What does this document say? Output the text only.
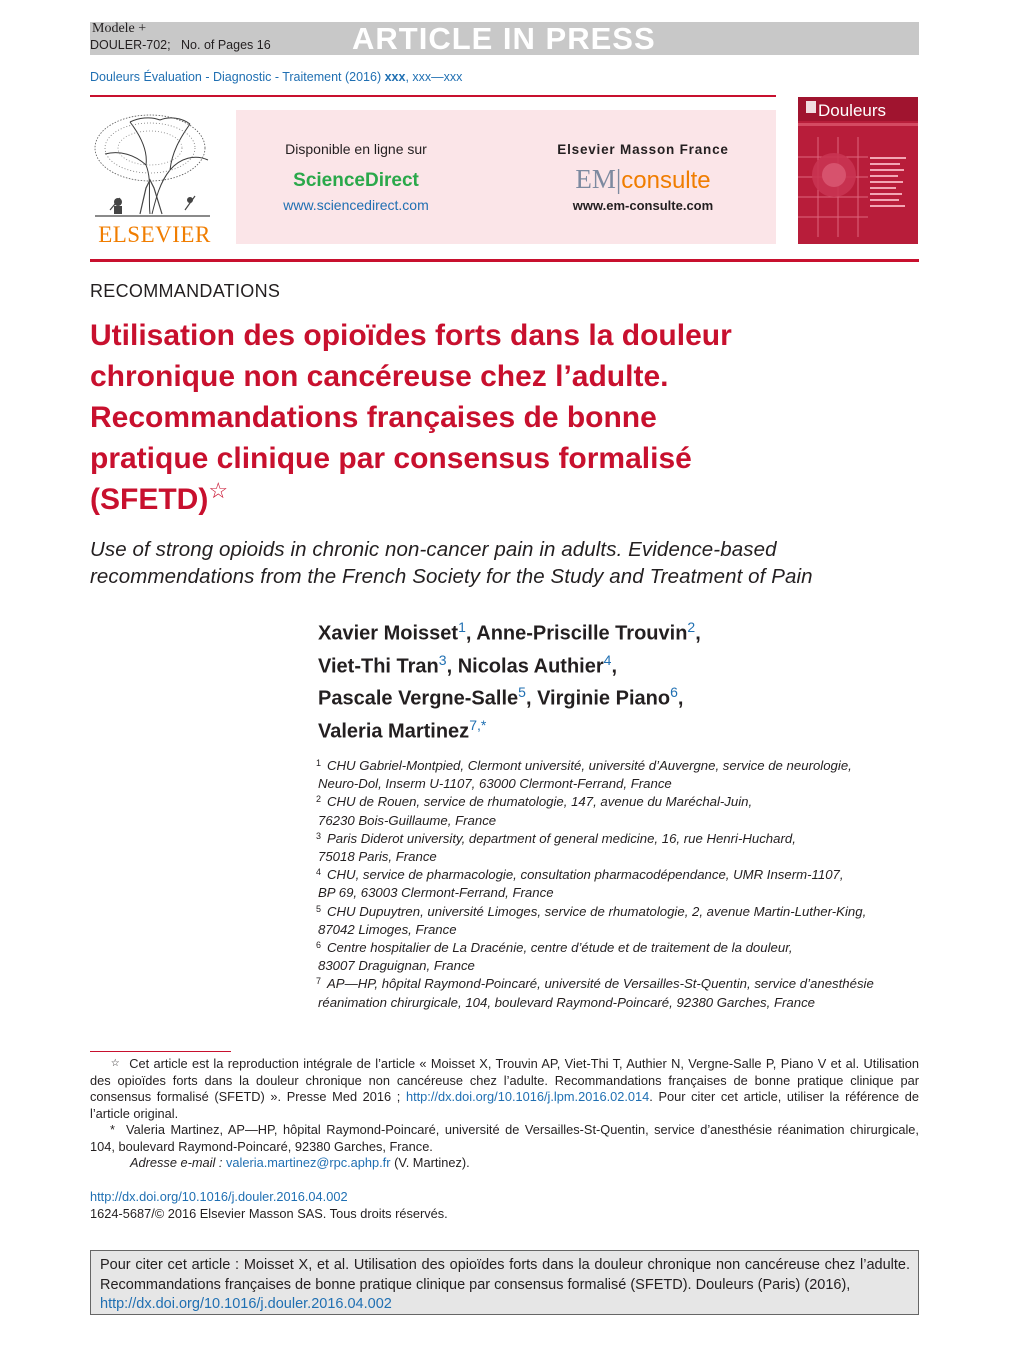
Modele +
DOULER-702; No. of Pages 16	ARTICLE IN PRESS
Douleurs Évaluation - Diagnostic - Traitement (2016) xxx, xxx—xxx
ELSEVIER
Disponible en ligne sur
ScienceDirect
www.sciencedirect.com
Elsevier Masson France
EM|consulte
www.em-consulte.com
Douleurs
RECOMMANDATIONS
Utilisation des opioïdes forts dans la douleur chronique non cancéreuse chez l’adulte. Recommandations françaises de bonne pratique clinique par consensus formalisé (SFETD)☆
Use of strong opioids in chronic non-cancer pain in adults. Evidence-based recommendations from the French Society for the Study and Treatment of Pain
Xavier Moisset$^1$, Anne-Priscille Trouvin$^2$,
Viet-Thi Tran$^3$, Nicolas Authier$^4$,
Pascale Vergne-Salle$^5$, Virginie Piano$^6$,
Valeria Martinez$^{7,*}$
1 CHU Gabriel-Montpied, Clermont université, université d’Auvergne, service de neurologie,
Neuro-Dol, Inserm U-1107, 63000 Clermont-Ferrand, France
2 CHU de Rouen, service de rhumatologie, 147, avenue du Maréchal-Juin,
76230 Bois-Guillaume, France
3 Paris Diderot university, department of general medicine, 16, rue Henri-Huchard,
75018 Paris, France
4 CHU, service de pharmacologie, consultation pharmacodépendance, UMR Inserm-1107,
BP 69, 63003 Clermont-Ferrand, France
5 CHU Dupuytren, université Limoges, service de rhumatologie, 2, avenue Martin-Luther-King,
87042 Limoges, France
6 Centre hospitalier de La Dracénie, centre d’étude et de traitement de la douleur,
83007 Draguignan, France
7 AP—HP, hôpital Raymond-Poincaré, université de Versailles-St-Quentin, service d’anesthésie
réanimation chirurgicale, 104, boulevard Raymond-Poincaré, 92380 Garches, France
☆ Cet article est la reproduction intégrale de l’article « Moisset X, Trouvin AP, Viet-Thi T, Authier N, Vergne-Salle P, Piano V et al. Utilisation des opioïdes forts dans la douleur chronique non cancéreuse chez l’adulte. Recommandations françaises de bonne pratique clinique par consensus formalisé (SFETD) ». Presse Med 2016 ; http://dx.doi.org/10.1016/j.lpm.2016.02.014. Pour citer cet article, utiliser la référence de l’article original.
* Valeria Martinez, AP—HP, hôpital Raymond-Poincaré, université de Versailles-St-Quentin, service d’anesthésie réanimation chirurgicale, 104, boulevard Raymond-Poincaré, 92380 Garches, France.
Adresse e-mail : valeria.martinez@rpc.aphp.fr (V. Martinez).
http://dx.doi.org/10.1016/j.douler.2016.04.002
1624-5687/© 2016 Elsevier Masson SAS. Tous droits réservés.
Pour citer cet article : Moisset X, et al. Utilisation des opioïdes forts dans la douleur chronique non cancéreuse chez l’adulte. Recommandations françaises de bonne pratique clinique par consensus formalisé (SFETD). Douleurs (Paris) (2016),
http://dx.doi.org/10.1016/j.douler.2016.04.002
